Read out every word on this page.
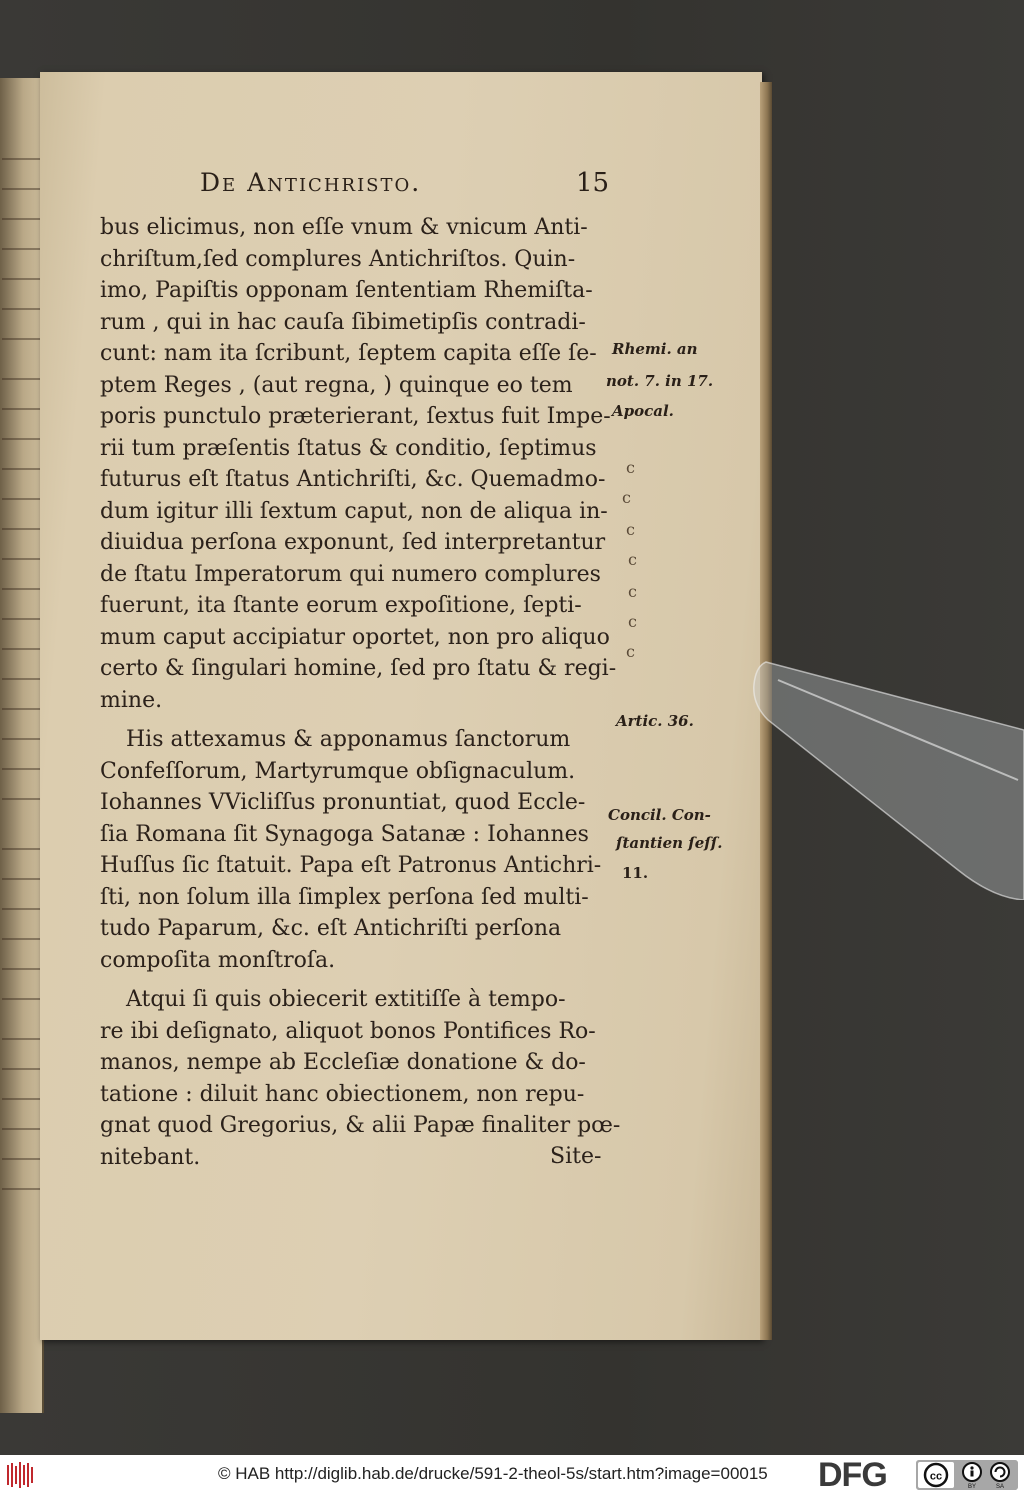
De Antichristo.	15
bus elicimus, non eſſe vnum & vnicum Anti-
chriſtum,ſed complures Antichriſtos. Quin-
imo, Papiſtis opponam ſententiam Rhemiſta-
rum , qui in hac cauſa ſibimetipſis contradi-
cunt: nam ita ſcribunt, ſeptem capita eſſe ſe-
ptem Reges , (aut regna, ) quinque eo tem
poris punctulo præterierant, ſextus fuit Impe-
rii tum præſentis ſtatus & conditio, ſeptimus
futurus eſt ſtatus Antichriſti, &c. Quemadmo-
dum igitur illi ſextum caput, non de aliqua in-
diuidua perſona exponunt, ſed interpretantur
de ſtatu Imperatorum qui numero complures
fuerunt, ita ſtante eorum expoſitione, ſepti-
mum caput accipiatur oportet, non pro aliquo
certo & ſingulari homine, ſed pro ſtatu & regi-
mine.
His attexamus & apponamus ſanctorum
Confeſſorum, Martyrumque obſignaculum.
Iohannes VVicliſſus pronuntiat, quod Eccle-
ſia Romana ſit Synagoga Satanæ : Iohannes
Huſſus ſic ſtatuit. Papa eſt Patronus Antichri-
ſti, non ſolum illa ſimplex perſona ſed multi-
tudo Paparum, &c. eſt Antichriſti perſona
compoſita monſtroſa.
Atqui ſi quis obiecerit extitiſſe à tempo-
re ibi deſignato, aliquot bonos Pontifices Ro-
manos, nempe ab Eccleſiæ donatione & do-
tatione : diluit hanc obiectionem, non repu-
gnat quod Gregorius, & alii Papæ finaliter pœ-
nitebant.
Rhemi. an
not. 7. in 17.
Apocal.
Artic. 36.
Concil. Con-
ſtantien ſeſſ.
11.
c
c
c
c
c
c
c
Site-
© HAB http://diglib.hab.de/drucke/591-2-theol-5s/start.htm?image=00015	DFG	cc
BY	SA
